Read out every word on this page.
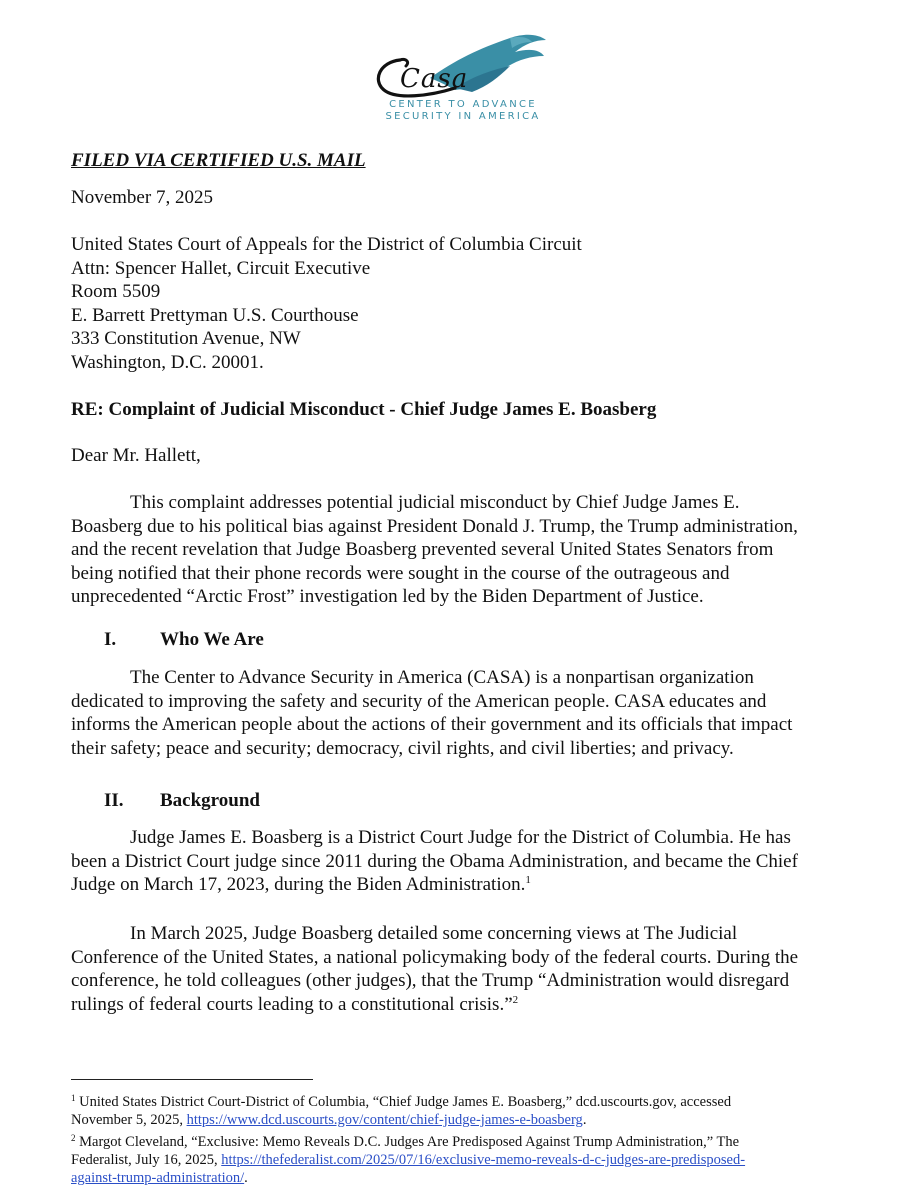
Casa
CENTER TO ADVANCE
SECURITY IN AMERICA
FILED VIA CERTIFIED U.S. MAIL
November 7, 2025
United States Court of Appeals for the District of Columbia Circuit
Attn: Spencer Hallet, Circuit Executive
Room 5509
E. Barrett Prettyman U.S. Courthouse
333 Constitution Avenue, NW
Washington, D.C. 20001.
RE: Complaint of Judicial Misconduct - Chief Judge James E. Boasberg
Dear Mr. Hallett,
This complaint addresses potential judicial misconduct by Chief Judge James E.
Boasberg due to his political bias against President Donald J. Trump, the Trump administration,
and the recent revelation that Judge Boasberg prevented several United States Senators from
being notified that their phone records were sought in the course of the outrageous and
unprecedented “Arctic Frost” investigation led by the Biden Department of Justice.
I. Who We Are
The Center to Advance Security in America (CASA) is a nonpartisan organization
dedicated to improving the safety and security of the American people. CASA educates and
informs the American people about the actions of their government and its officials that impact
their safety; peace and security; democracy, civil rights, and civil liberties; and privacy.
II. Background
Judge James E. Boasberg is a District Court Judge for the District of Columbia. He has
been a District Court judge since 2011 during the Obama Administration, and became the Chief
Judge on March 17, 2023, during the Biden Administration.$^1$
In March 2025, Judge Boasberg detailed some concerning views at The Judicial
Conference of the United States, a national policymaking body of the federal courts. During the
conference, he told colleagues (other judges), that the Trump “Administration would disregard
rulings of federal courts leading to a constitutional crisis.”$^2$
$^1$ United States District Court-District of Columbia, “Chief Judge James E. Boasberg,” dcd.uscourts.gov, accessed
November 5, 2025, https://www.dcd.uscourts.gov/content/chief-judge-james-e-boasberg.
$^2$ Margot Cleveland, “Exclusive: Memo Reveals D.C. Judges Are Predisposed Against Trump Administration,” The
Federalist, July 16, 2025, https://thefederalist.com/2025/07/16/exclusive-memo-reveals-d-c-judges-are-predisposed-
against-trump-administration/.
